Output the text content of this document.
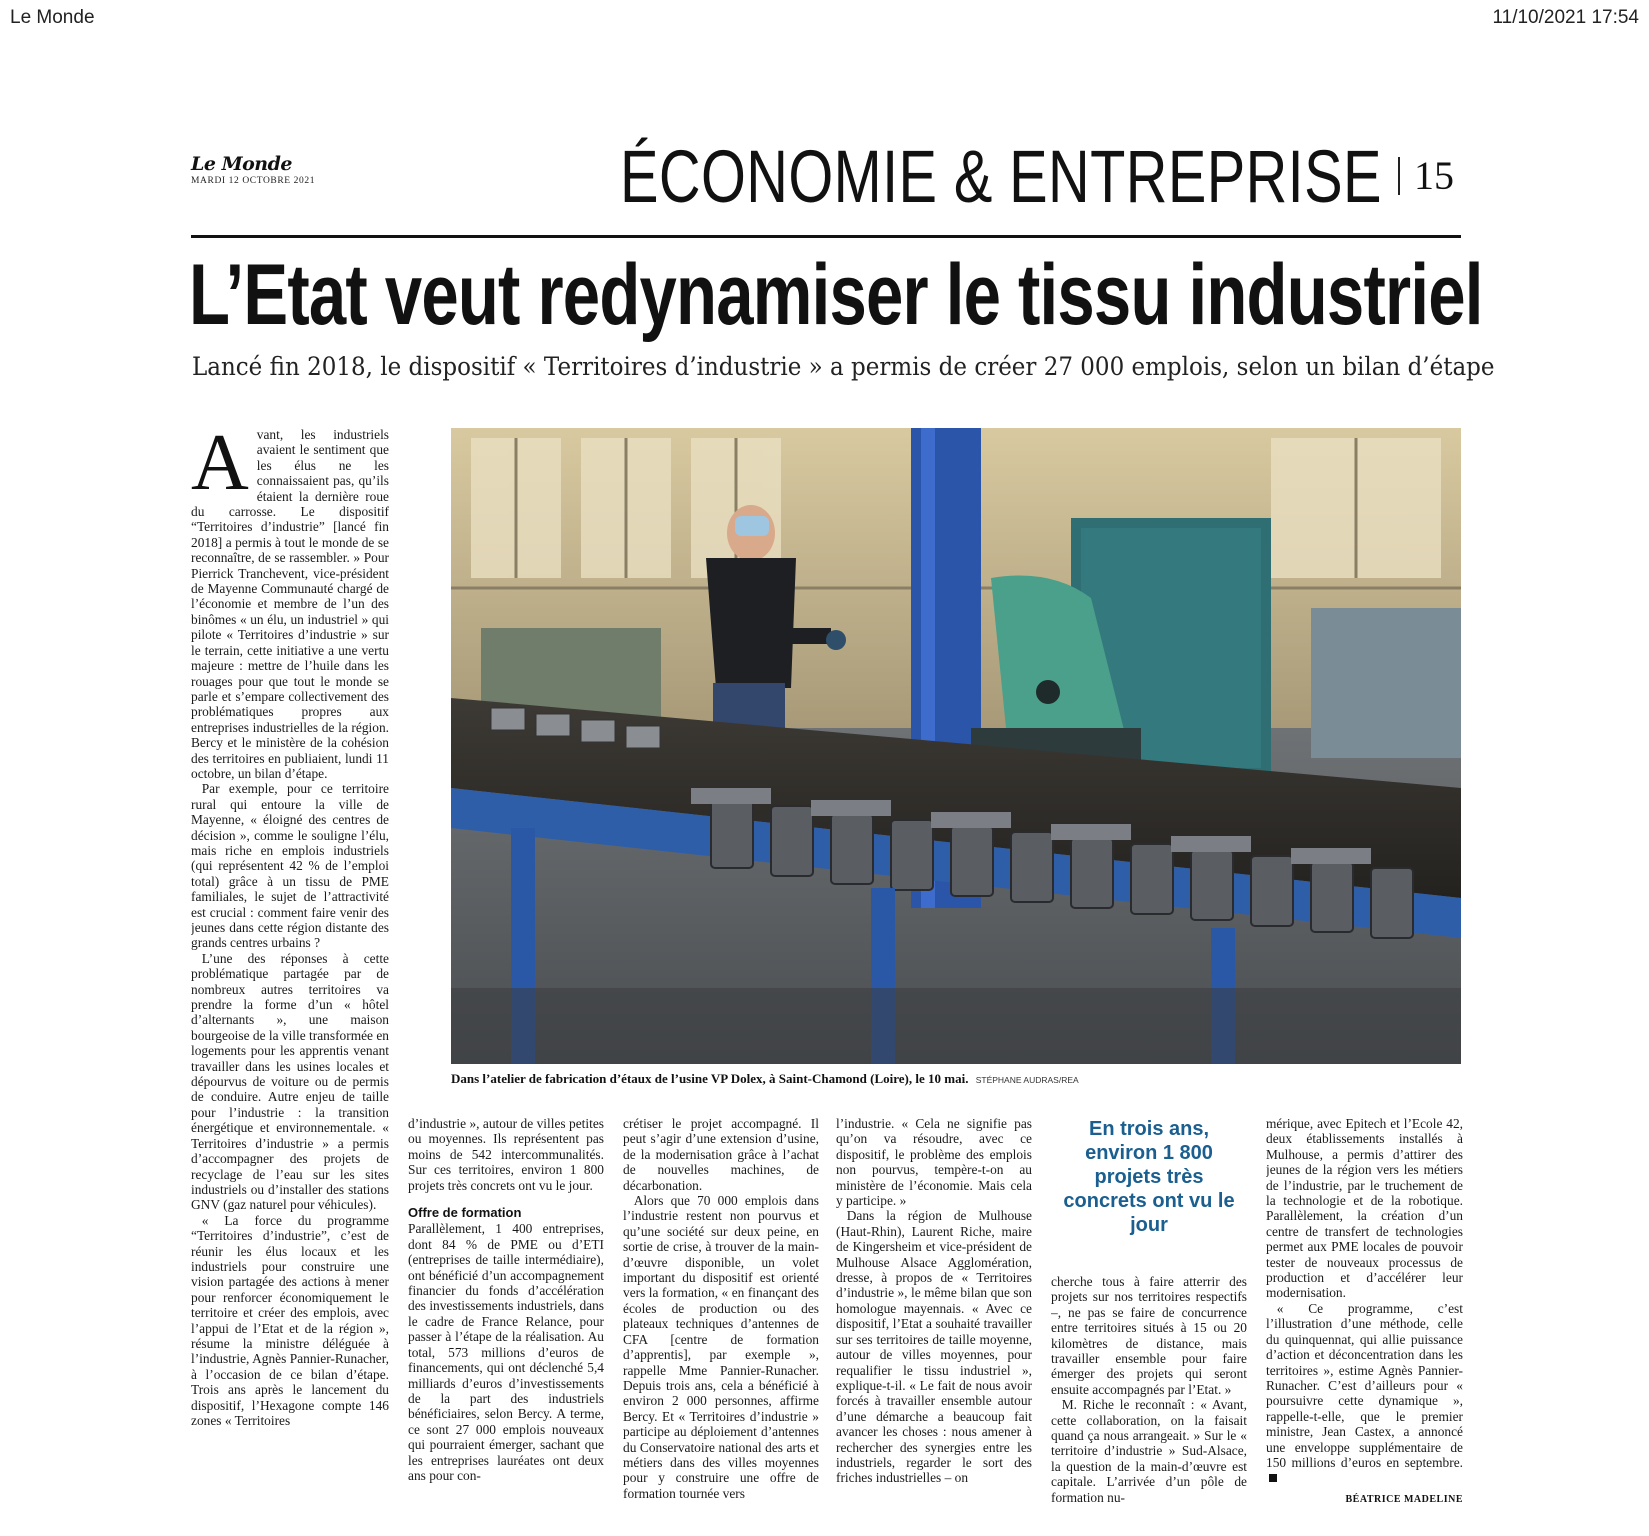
Le Monde	11/10/2021 17:54
Le Monde
MARDI 12 OCTOBRE 2021	ÉCONOMIE & ENTREPRISE 15
L’Etat veut redynamiser le tissu industriel
Lancé fin 2018, le dispositif « Territoires d’industrie » a permis de créer 27 000 emplois, selon un bilan d’étape
A vant, les industriels avaient le sentiment que les élus ne les connaissaient pas, qu’ils étaient la dernière roue du carrosse. Le dispositif “Territoires d’industrie” [lancé fin 2018] a permis à tout le monde de se reconnaître, de se rassembler. » Pour Pierrick Tranchevent, vice-président de Mayenne Communauté chargé de l’économie et membre de l’un des binômes « un élu, un industriel » qui pilote « Territoires d’industrie » sur le terrain, cette initiative a une vertu majeure : mettre de l’huile dans les rouages pour que tout le monde se parle et s’empare collectivement des problématiques propres aux entreprises industrielles de la région. Bercy et le ministère de la cohésion des territoires en publiaient, lundi 11 octobre, un bilan d’étape.

Par exemple, pour ce territoire rural qui entoure la ville de Mayenne, « éloigné des centres de décision », comme le souligne l’élu, mais riche en emplois industriels (qui représentent 42 % de l’emploi total) grâce à un tissu de PME familiales, le sujet de l’attractivité est crucial : comment faire venir des jeunes dans cette région distante des grands centres urbains ?

L’une des réponses à cette problématique partagée par de nombreux autres territoires va prendre la forme d’un « hôtel d’alternants », une maison bourgeoise de la ville transformée en logements pour les apprentis venant travailler dans les usines locales et dépourvus de voiture ou de permis de conduire. Autre enjeu de taille pour l’industrie : la transition énergétique et environnementale. « Territoires d’industrie » a permis d’accompagner des projets de recyclage de l’eau sur les sites industriels ou d’installer des stations GNV (gaz naturel pour véhicules).

« La force du programme “Territoires d’industrie”, c’est de réunir les élus locaux et les industriels pour construire une vision partagée des actions à mener pour renforcer économiquement le territoire et créer des emplois, avec l’appui de l’Etat et de la région », résume la ministre déléguée à l’industrie, Agnès Pannier-Runacher, à l’occasion de ce bilan d’étape. Trois ans après le lancement du dispositif, l’Hexagone compte 146 zones « Territoires

Dans l’atelier de fabrication d’étaux de l’usine VP Dolex, à Saint-Chamond (Loire), le 10 mai. STÉPHANE AUDRAS/REA

d’industrie », autour de villes petites ou moyennes. Ils représentent pas moins de 542 intercommunalités. Sur ces territoires, environ 1 800 projets très concrets ont vu le jour.

Offre de formation

Parallèlement, 1 400 entreprises, dont 84 % de PME ou d’ETI (entreprises de taille intermédiaire), ont bénéficié d’un accompagnement financier du fonds d’accélération des investissements industriels, dans le cadre de France Relance, pour passer à l’étape de la réalisation. Au total, 573 millions d’euros de financements, qui ont déclenché 5,4 milliards d’euros d’investissements de la part des industriels bénéficiaires, selon Bercy. A terme, ce sont 27 000 emplois nouveaux qui pourraient émerger, sachant que les entreprises lauréates ont deux ans pour con-

crétiser le projet accompagné. Il peut s’agir d’une extension d’usine, de la modernisation grâce à l’achat de nouvelles machines, de décarbonation.

Alors que 70 000 emplois dans l’industrie restent non pourvus et qu’une société sur deux peine, en sortie de crise, à trouver de la main-d’œuvre disponible, un volet important du dispositif est orienté vers la formation, « en finançant des écoles de production ou des plateaux techniques d’antennes de CFA [centre de formation d’apprentis], par exemple », rappelle Mme Pannier-Runacher. Depuis trois ans, cela a bénéficié à environ 2 000 personnes, affirme Bercy. Et « Territoires d’industrie » participe au déploiement d’antennes du Conservatoire national des arts et métiers dans des villes moyennes pour y construire une offre de formation tournée vers

l’industrie. « Cela ne signifie pas qu’on va résoudre, avec ce dispositif, le problème des emplois non pourvus, tempère-t-on au ministère de l’économie. Mais cela y participe. »

Dans la région de Mulhouse (Haut-Rhin), Laurent Riche, maire de Kingersheim et vice-président de Mulhouse Alsace Agglomération, dresse, à propos de « Territoires d’industrie », le même bilan que son homologue mayennais. « Avec ce dispositif, l’Etat a souhaité travailler sur ses territoires de taille moyenne, autour de villes moyennes, pour requalifier le tissu industriel », explique-t-il. « Le fait de nous avoir forcés à travailler ensemble autour d’une démarche a beaucoup fait avancer les choses : nous amener à rechercher des synergies entre les industriels, regarder le sort des friches industrielles – on

En trois ans, environ 1 800 projets très concrets ont vu le jour

cherche tous à faire atterrir des projets sur nos territoires respectifs –, ne pas se faire de concurrence entre territoires situés à 15 ou 20 kilomètres de distance, mais travailler ensemble pour faire émerger des projets qui seront ensuite accompagnés par l’Etat. »

M. Riche le reconnaît : « Avant, cette collaboration, on la faisait quand ça nous arrangeait. » Sur le « territoire d’industrie » Sud-Alsace, la question de la main-d’œuvre est capitale. L’arrivée d’un pôle de formation nu-

mérique, avec Epitech et l’Ecole 42, deux établissements installés à Mulhouse, a permis d’attirer des jeunes de la région vers les métiers de l’industrie, par le truchement de la technologie et de la robotique. Parallèlement, la création d’un centre de transfert de technologies permet aux PME locales de pouvoir tester de nouveaux processus de production et d’accélérer leur modernisation.

« Ce programme, c’est l’illustration d’une méthode, celle du quinquennat, qui allie puissance d’action et déconcentration dans les territoires », estime Agnès Pannier-Runacher. C’est d’ailleurs pour « poursuivre cette dynamique », rappelle-t-elle, que le premier ministre, Jean Castex, a annoncé une enveloppe supplémentaire de 150 millions d’euros en septembre.

BÉATRICE MADELINE
